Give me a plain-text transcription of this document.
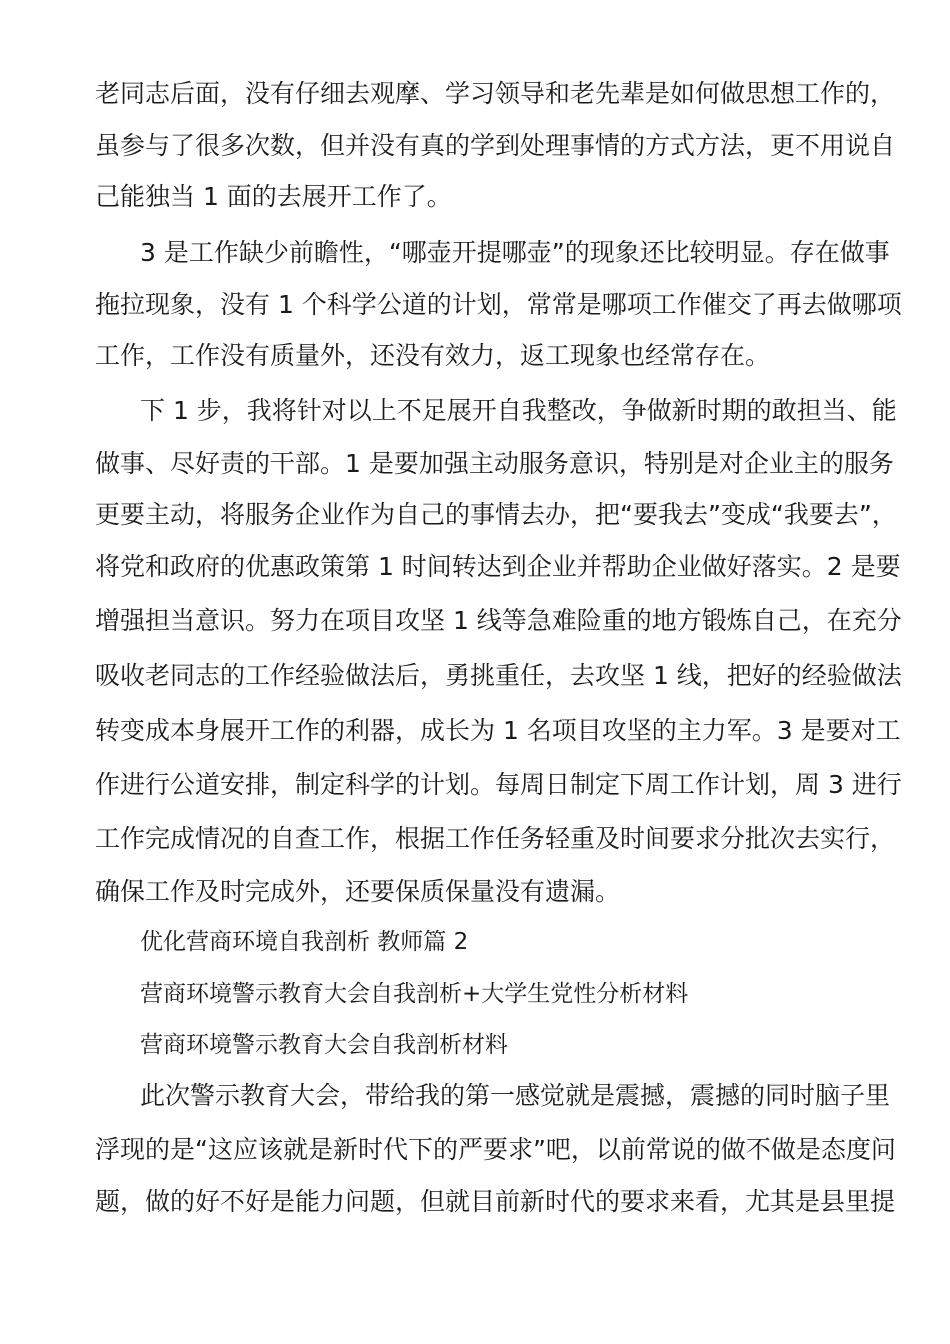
老同志后面，没有仔细去观摩、学习领导和老先辈是如何做思想工作的，
虽参与了很多次数，但并没有真的学到处理事情的方式方法，更不用说自
己能独当 1 面的去展开工作了。
3 是工作缺少前瞻性，“哪壶开提哪壶”的现象还比较明显。存在做事
拖拉现象，没有 1 个科学公道的计划，常常是哪项工作催交了再去做哪项
工作，工作没有质量外，还没有效力，返工现象也经常存在。
下 1 步，我将针对以上不足展开自我整改，争做新时期的敢担当、能
做事、尽好责的干部。1 是要加强主动服务意识，特别是对企业主的服务
更要主动，将服务企业作为自己的事情去办，把“要我去”变成“我要去”，
将党和政府的优惠政策第 1 时间转达到企业并帮助企业做好落实。2 是要
增强担当意识。努力在项目攻坚 1 线等急难险重的地方锻炼自己，在充分
吸收老同志的工作经验做法后，勇挑重任，去攻坚 1 线，把好的经验做法
转变成本身展开工作的利器，成长为 1 名项目攻坚的主力军。3 是要对工
作进行公道安排，制定科学的计划。每周日制定下周工作计划，周 3 进行
工作完成情况的自查工作，根据工作任务轻重及时间要求分批次去实行，
确保工作及时完成外，还要保质保量没有遗漏。
优化营商环境自我剖析 教师篇 2
营商环境警示教育大会自我剖析+大学生党性分析材料
营商环境警示教育大会自我剖析材料
此次警示教育大会，带给我的第一感觉就是震撼，震撼的同时脑子里
浮现的是“这应该就是新时代下的严要求”吧，以前常说的做不做是态度问
题，做的好不好是能力问题，但就目前新时代的要求来看，尤其是县里提
